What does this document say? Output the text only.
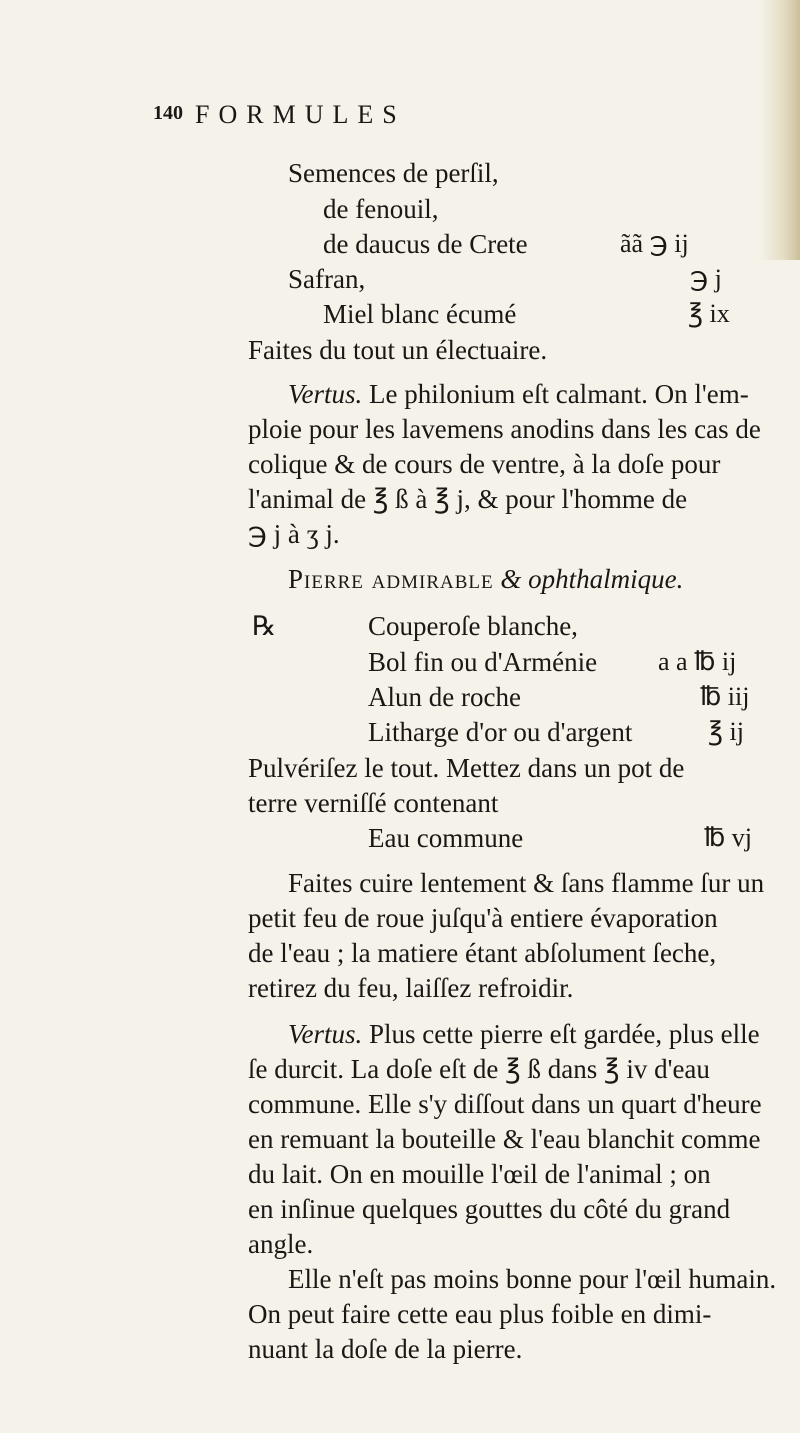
140 FORMULES
Semences de perſil,
de fenouil,
de daucus de Crete	ãã ℈ ij
Safran,	℈ j
Miel blanc écumé	℥ ix
Faites du tout un électuaire.
Vertus. Le philonium eſt calmant. On l'em-
ploie pour les lavemens anodins dans les cas de
colique & de cours de ventre, à la doſe pour
l'animal de ℥ ß à ℥ j, & pour l'homme de
℈ j à ʒ j.
Pierre admirable & ophthalmique.
℞	Couperoſe blanche,
Bol fin ou d'Arménie a a ℔ ij
Alun de roche	℔ iij
Litharge d'or ou d'argent	℥ ij
Pulvériſez le tout. Mettez dans un pot de
terre verniſſé contenant
Eau commune	℔ vj
Faites cuire lentement & ſans flamme ſur un
petit feu de roue juſqu'à entiere évaporation
de l'eau ; la matiere étant abſolument ſeche,
retirez du feu, laiſſez refroidir.
Vertus. Plus cette pierre eſt gardée, plus elle
ſe durcit. La doſe eſt de ℥ ß dans ℥ iv d'eau
commune. Elle s'y diſſout dans un quart d'heure
en remuant la bouteille & l'eau blanchit comme
du lait. On en mouille l'œil de l'animal ; on
en inſinue quelques gouttes du côté du grand
angle.
Elle n'eſt pas moins bonne pour l'œil humain.
On peut faire cette eau plus foible en dimi-
nuant la doſe de la pierre.
